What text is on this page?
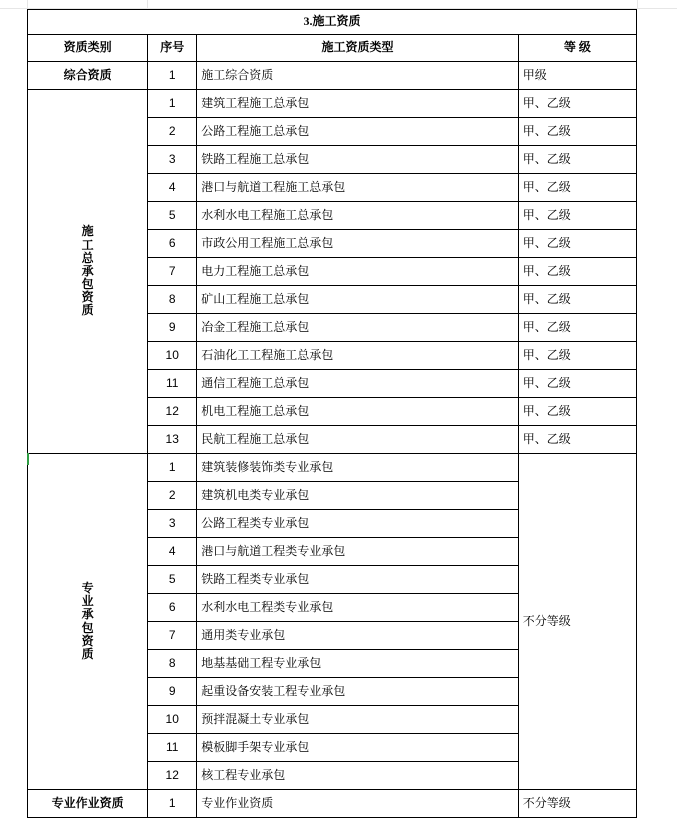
3.施工资质			
资质类别	序号	施工资质类型	等 级
综合资质	1	施工综合资质	甲级

施
工
总
承
包
资
质
	1	建筑工程施工总承包	甲、乙级
	2	公路工程施工总承包	甲、乙级
	3	铁路工程施工总承包	甲、乙级
	4	港口与航道工程施工总承包	甲、乙级
	5	水利水电工程施工总承包	甲、乙级
	6	市政公用工程施工总承包	甲、乙级
	7	电力工程施工总承包	甲、乙级
	8	矿山工程施工总承包	甲、乙级
	9	冶金工程施工总承包	甲、乙级
	10	石油化工工程施工总承包	甲、乙级
	11	通信工程施工总承包	甲、乙级
	12	机电工程施工总承包	甲、乙级
	13	民航工程施工总承包	甲、乙级

专
业
承
包
资
质
	1	建筑装修装饰类专业承包	不分等级
	2	建筑机电类专业承包	
	3	公路工程类专业承包	
	4	港口与航道工程类专业承包	
	5	铁路工程类专业承包	
	6	水利水电工程类专业承包	
	7	通用类专业承包	
	8	地基基础工程专业承包	
	9	起重设备安装工程专业承包	
	10	预拌混凝土专业承包	
	11	模板脚手架专业承包	
	12	核工程专业承包	
专业作业资质	1	专业作业资质	不分等级
